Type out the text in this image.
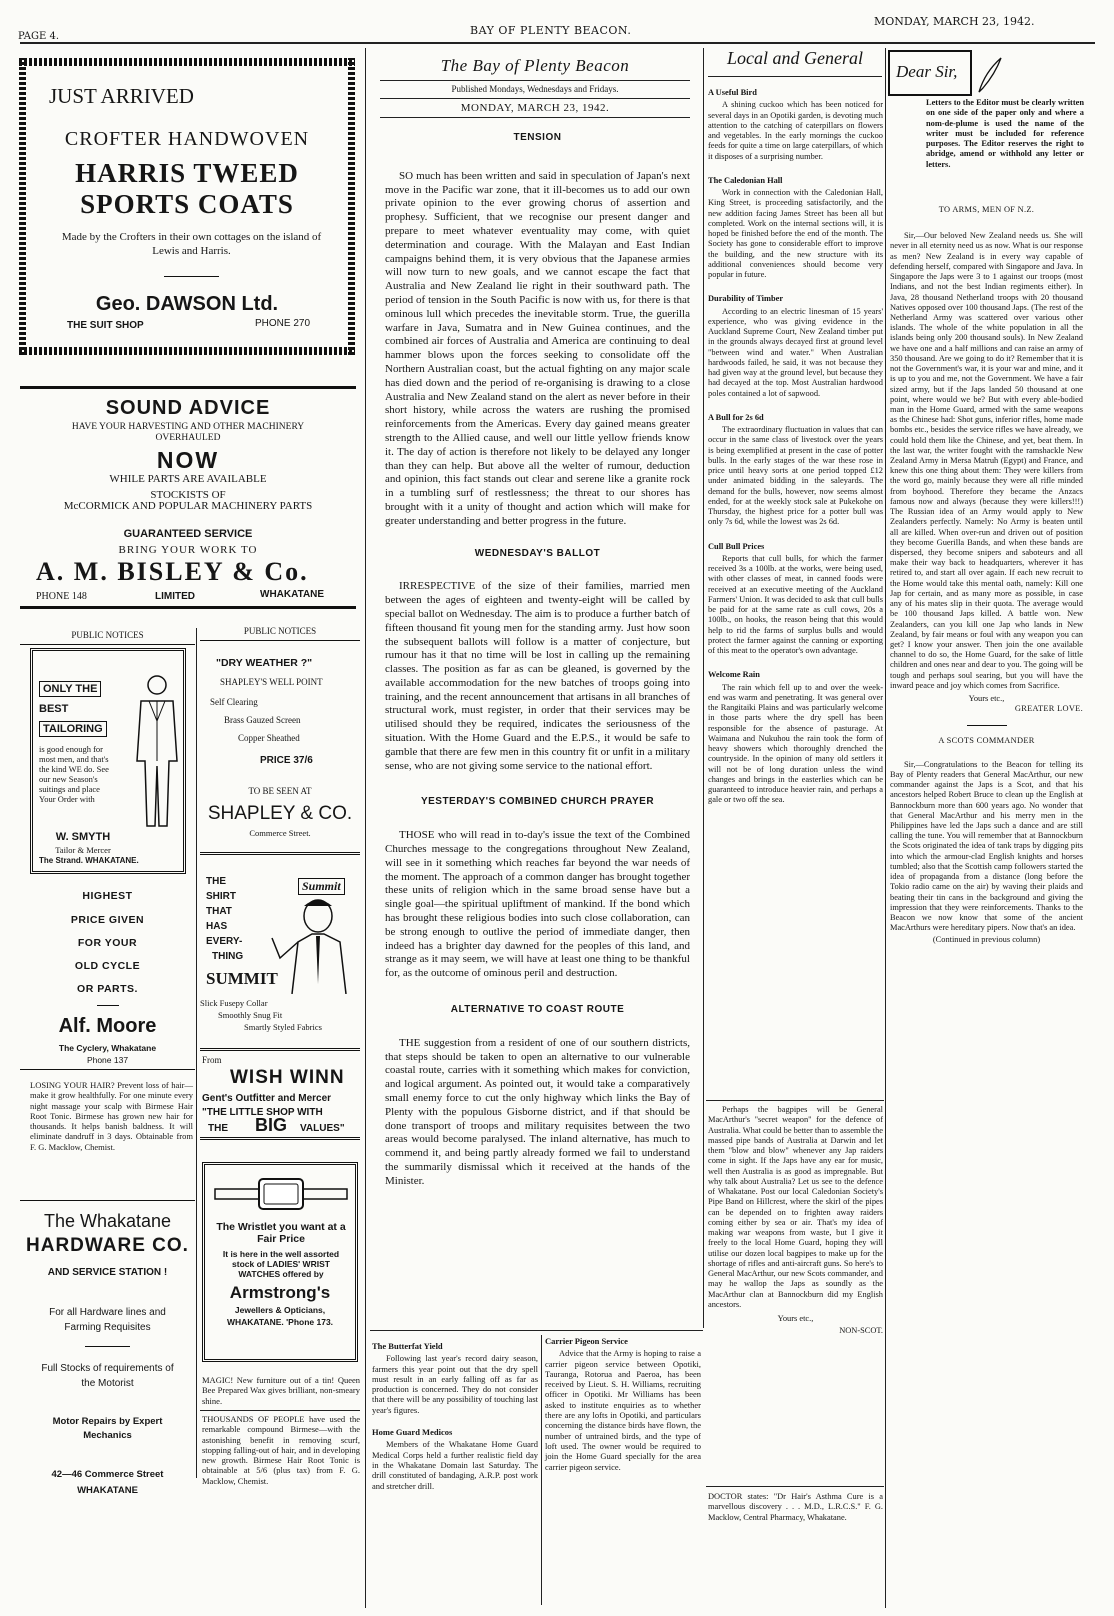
PAGE 4.	BAY OF PLENTY BEACON.
MONDAY, MARCH 23, 1942.
JUST ARRIVED
CROFTER HANDWOVEN
HARRIS TWEED
SPORTS COATS
Made by the Crofters in their own cottages on the island of Lewis and Harris.
Geo. DAWSON Ltd.
THE SUIT SHOP	PHONE 270
SOUND ADVICE
HAVE YOUR HARVESTING AND OTHER MACHINERY OVERHAULED
NOW
WHILE PARTS ARE AVAILABLE
STOCKISTS OF
McCORMICK AND POPULAR MACHINERY PARTS
GUARANTEED SERVICE
BRING YOUR WORK TO
A. M. BISLEY & Co.
PHONE 148	LIMITED	WHAKATANE
PUBLIC NOTICES	PUBLIC NOTICES
ONLY THE
BEST
TAILORING
is good enough for most men, and that's the kind WE do. See our new Season's suitings and place Your Order with
W. SMYTH
Tailor & Mercer
The Strand. WHAKATANE.
"DRY WEATHER ?"
SHAPLEY'S WELL POINT
Self Clearing
Brass Gauzed Screen
Copper Sheathed
PRICE 37/6
TO BE SEEN AT
SHAPLEY & CO.
Commerce Street.
HIGHEST
PRICE GIVEN
FOR YOUR
OLD CYCLE
OR PARTS.
Alf. Moore
The Cyclery, Whakatane
Phone 137
THE
SHIRT
THAT
HAS
EVERY-
THING
SUMMIT
Summit
Slick Fusepy Collar
Smoothly Snug Fit
Smartly Styled Fabrics
From
WISH WINN
Gent's Outfitter and Mercer
"THE LITTLE SHOP WITH
THE BIG VALUES"
LOSING YOUR HAIR? Prevent loss of hair—make it grow healthfully. For one minute every night massage your scalp with Birmese Hair Root Tonic. Birmese has grown new hair for thousands. It helps banish baldness. It will eliminate dandruff in 3 days. Obtainable from F. G. Macklow, Chemist.
The Whakatane
HARDWARE CO.
AND SERVICE STATION !
For all Hardware lines and Farming Requisites
Full Stocks of requirements of the Motorist
Motor Repairs by Expert Mechanics
42—46 Commerce Street
WHAKATANE
The Wristlet you want at a Fair Price
It is here in the well assorted stock of LADIES' WRIST WATCHES offered by
Armstrong's
Jewellers & Opticians,
WHAKATANE. 'Phone 173.
MAGIC! New furniture out of a tin! Queen Bee Prepared Wax gives brilliant, non-smeary shine.
THOUSANDS OF PEOPLE have used the remarkable compound Birmese—with the astonishing benefit in removing scurf, stopping falling-out of hair, and in developing new growth. Birmese Hair Root Tonic is obtainable at 5/6 (plus tax) from F. G. Macklow, Chemist.
The Bay of Plenty Beacon
Published Mondays, Wednesdays and Fridays.
MONDAY, MARCH 23, 1942.
TENSION

SO much has been written and said in speculation of Japan's next move in the Pacific war zone, that it ill-becomes us to add our own private opinion to the ever growing chorus of assertion and prophesy. Sufficient, that we recognise our present danger and prepare to meet whatever eventuality may come, with quiet determination and courage. With the Malayan and East Indian campaigns behind them, it is very obvious that the Japanese armies will now turn to new goals, and we cannot escape the fact that Australia and New Zealand lie right in their southward path. The period of tension in the South Pacific is now with us, for there is that ominous lull which precedes the inevitable storm. True, the guerilla warfare in Java, Sumatra and in New Guinea continues, and the combined air forces of Australia and America are continuing to deal hammer blows upon the forces seeking to consolidate off the Northern Australian coast, but the actual fighting on any major scale has died down and the period of re-organising is drawing to a close Australia and New Zealand stand on the alert as never before in their short history, while across the waters are rushing the promised reinforcements from the Americas. Every day gained means greater strength to the Allied cause, and well our little yellow friends know it. The day of action is therefore not likely to be delayed any longer than they can help. But above all the welter of rumour, deduction and opinion, this fact stands out clear and serene like a granite rock in a tumbling surf of restlessness; the threat to our shores has brought with it a unity of thought and action which will make for greater understanding and better progress in the future.

WEDNESDAY'S BALLOT

IRRESPECTIVE of the size of their families, married men between the ages of eighteen and twenty-eight will be called by special ballot on Wednesday. The aim is to produce a further batch of fifteen thousand fit young men for the standing army. Just how soon the subsequent ballots will follow is a matter of conjecture, but rumour has it that no time will be lost in calling up the remaining classes. The position as far as can be gleaned, is governed by the available accommodation for the new batches of troops going into training, and the recent announcement that artisans in all branches of structural work, must register, in order that their services may be utilised should they be required, indicates the seriousness of the situation. With the Home Guard and the E.P.S., it would be safe to gamble that there are few men in this country fit or unfit in a military sense, who are not giving some service to the national effort.

YESTERDAY'S COMBINED CHURCH PRAYER

THOSE who will read in to-day's issue the text of the Combined Churches message to the congregations throughout New Zealand, will see in it something which reaches far beyond the war needs of the moment. The approach of a common danger has brought together these units of religion which in the same broad sense have but a single goal—the spiritual upliftment of mankind. If the bond which has brought these religious bodies into such close collaboration, can be strong enough to outlive the period of immediate danger, then indeed has a brighter day dawned for the peoples of this land, and strange as it may seem, we will have at least one thing to be thankful for, as the outcome of ominous peril and destruction.

ALTERNATIVE TO COAST ROUTE

THE suggestion from a resident of one of our southern districts, that steps should be taken to open an alternative to our vulnerable coastal route, carries with it something which makes for conviction, and logical argument. As pointed out, it would take a comparatively small enemy force to cut the only highway which links the Bay of Plenty with the populous Gisborne district, and if that should be done transport of troops and military requisites between the two areas would become paralysed. The inland alternative, has much to commend it, and being partly already formed we fail to understand the summarily dismissal which it received at the hands of the Minister.

The Butterfat Yield

Following last year's record dairy season, farmers this year point out that the dry spell must result in an early falling off as far as production is concerned. They do not consider that there will be any possibility of touching last year's figures.

Home Guard Medicos

Members of the Whakatane Home Guard Medical Corps held a further realistic field day in the Whakatane Domain last Saturday. The drill constituted of bandaging, A.R.P. post work and stretcher drill.

Carrier Pigeon Service

Advice that the Army is hoping to raise a carrier pigeon service between Opotiki, Tauranga, Rotorua and Paeroa, has been received by Lieut. S. H. Williams, recruiting officer in Opotiki. Mr Williams has been asked to institute enquiries as to whether there are any lofts in Opotiki, and particulars concerning the distance birds have flown, the number of untrained birds, and the type of loft used. The owner would be required to join the Home Guard specially for the area carrier pigeon service.

Local and General
A Useful Bird

A shining cuckoo which has been noticed for several days in an Opotiki garden, is devoting much attention to the catching of caterpillars on flowers and vegetables. In the early mornings the cuckoo feeds for quite a time on large caterpillars, of which it disposes of a surprising number.

The Caledonian Hall

Work in connection with the Caledonian Hall, King Street, is proceeding satisfactorily, and the new addition facing James Street has been all but completed. Work on the internal sections will, it is hoped be finished before the end of the month. The Society has gone to considerable effort to improve the building, and the new structure with its additional conveniences should become very popular in future.

Durability of Timber

According to an electric linesman of 15 years' experience, who was giving evidence in the Auckland Supreme Court, New Zealand timber put in the grounds always decayed first at ground level "between wind and water." When Australian hardwoods failed, he said, it was not because they had given way at the ground level, but because they had decayed at the top. Most Australian hardwood poles contained a lot of sapwood.

A Bull for 2s 6d

The extraordinary fluctuation in values that can occur in the same class of livestock over the years is being exemplified at present in the case of potter bulls. In the early stages of the war these rose in price until heavy sorts at one period topped £12 under animated bidding in the saleyards. The demand for the bulls, however, now seems almost ended, for at the weekly stock sale at Pukekohe on Thursday, the highest price for a potter bull was only 7s 6d, while the lowest was 2s 6d.

Cull Bull Prices

Reports that cull bulls, for which the farmer received 3s a 100lb. at the works, were being used, with other classes of meat, in canned foods were received at an executive meeting of the Auckland Farmers' Union. It was decided to ask that cull bulls be paid for at the same rate as cull cows, 20s a 100lb., on hooks, the reason being that this would help to rid the farms of surplus bulls and would protect the farmer against the canning or exporting of this meat to the operator's own advantage.

Welcome Rain

The rain which fell up to and over the week-end was warm and penetrating. It was general over the Rangitaiki Plains and was particularly welcome in those parts where the dry spell has been responsible for the absence of pasturage. At Waimana and Nukuhou the rain took the form of heavy showers which thoroughly drenched the countryside. In the opinion of many old settlers it will not be of long duration unless the wind changes and brings in the easterlies which can be guaranteed to introduce heavier rain, and perhaps a gale or two off the sea.

Perhaps the bagpipes will be General MacArthur's "secret weapon" for the defence of Australia. What could be better than to assemble the massed pipe bands of Australia at Darwin and let them "blow and blow" whenever any Jap raiders come in sight. If the Japs have any ear for music, well then Australia is as good as impregnable. But why talk about Australia? Let us see to the defence of Whakatane. Post our local Caledonian Society's Pipe Band on Hillcrest, where the skirl of the pipes can be depended on to frighten away raiders coming either by sea or air. That's my idea of making war weapons from waste, but I give it freely to the local Home Guard, hoping they will utilise our dozen local bagpipes to make up for the shortage of rifles and anti-aircraft guns. So here's to General MacArthur, our new Scots commander, and may he wallop the Japs as soundly as the MacArthur clan at Bannockburn did my English ancestors.

Yours etc.,
NON-SCOT.
DOCTOR states: "Dr Hair's Asthma Cure is a marvellous discovery . . . M.D., L.R.C.S." F. G. Macklow, Central Pharmacy, Whakatane.
Dear Sir,
Letters to the Editor must be clearly written on one side of the paper only and where a nom-de-plume is used the name of the writer must be included for reference purposes. The Editor reserves the right to abridge, amend or withhold any letter or letters.
TO ARMS, MEN OF N.Z.

Sir,—Our beloved New Zealand needs us. She will never in all eternity need us as now. What is our response as men? New Zealand is in every way capable of defending herself, compared with Singapore and Java. In Singapore the Japs were 3 to 1 against our troops (most Indians, and not the best Indian regiments either). In Java, 28 thousand Netherland troops with 20 thousand Natives opposed over 100 thousand Japs. (The rest of the Netherland Army was scattered over various other islands. The whole of the white population in all the islands being only 200 thousand souls). In New Zealand we have one and a half millions and can raise an army of 350 thousand. Are we going to do it? Remember that it is not the Government's war, it is your war and mine, and it is up to you and me, not the Government. We have a fair sized army, but if the Japs landed 50 thousand at one point, where would we be? But with every able-bodied man in the Home Guard, armed with the same weapons as the Chinese had: Shot guns, inferior rifles, home made bombs etc., besides the service rifles we have already, we could hold them like the Chinese, and yet, beat them. In the last war, the writer fought with the ramshackle New Zealand Army in Mersa Matruh (Egypt) and France, and knew this one thing about them: They were killers from the word go, mainly because they were all rifle minded from boyhood. Therefore they became the Anzacs famous now and always (because they were killers!!!) The Russian idea of an Army would apply to New Zealanders perfectly. Namely: No Army is beaten until all are killed. When over-run and driven out of position they become Guerilla Bands, and when these bands are dispersed, they become snipers and saboteurs and all make their way back to headquarters, wherever it has retired to, and start all over again. If each new recruit to the Home would take this mental oath, namely: Kill one Jap for certain, and as many more as possible, in case any of his mates slip in their quota. The average would be 100 thousand Japs killed. A battle won. New Zealanders, can you kill one Jap who lands in New Zealand, by fair means or foul with any weapon you can get? I know your answer. Then join the one available channel to do so, the Home Guard, for the sake of little children and ones near and dear to you. The going will be tough and perhaps soul searing, but you will have the inward peace and joy which comes from Sacrifice.

Yours etc.,
GREATER LOVE.
A SCOTS COMMANDER

Sir,—Congratulations to the Beacon for telling its Bay of Plenty readers that General MacArthur, our new commander against the Japs is a Scot, and that his ancestors helped Robert Bruce to clean up the English at Bannockburn more than 600 years ago. No wonder that that General MacArthur and his merry men in the Philippines have led the Japs such a dance and are still calling the tune. You will remember that at Bannockburn the Scots originated the idea of tank traps by digging pits into which the armour-clad English knights and horses tumbled; also that the Scottish camp followers started the idea of propaganda from a distance (long before the Tokio radio came on the air) by waving their plaids and beating their tin cans in the background and giving the impression that they were reinforcements. Thanks to the Beacon we now know that some of the ancient MacArthurs were hereditary pipers. Now that's an idea.

(Continued in previous column)
